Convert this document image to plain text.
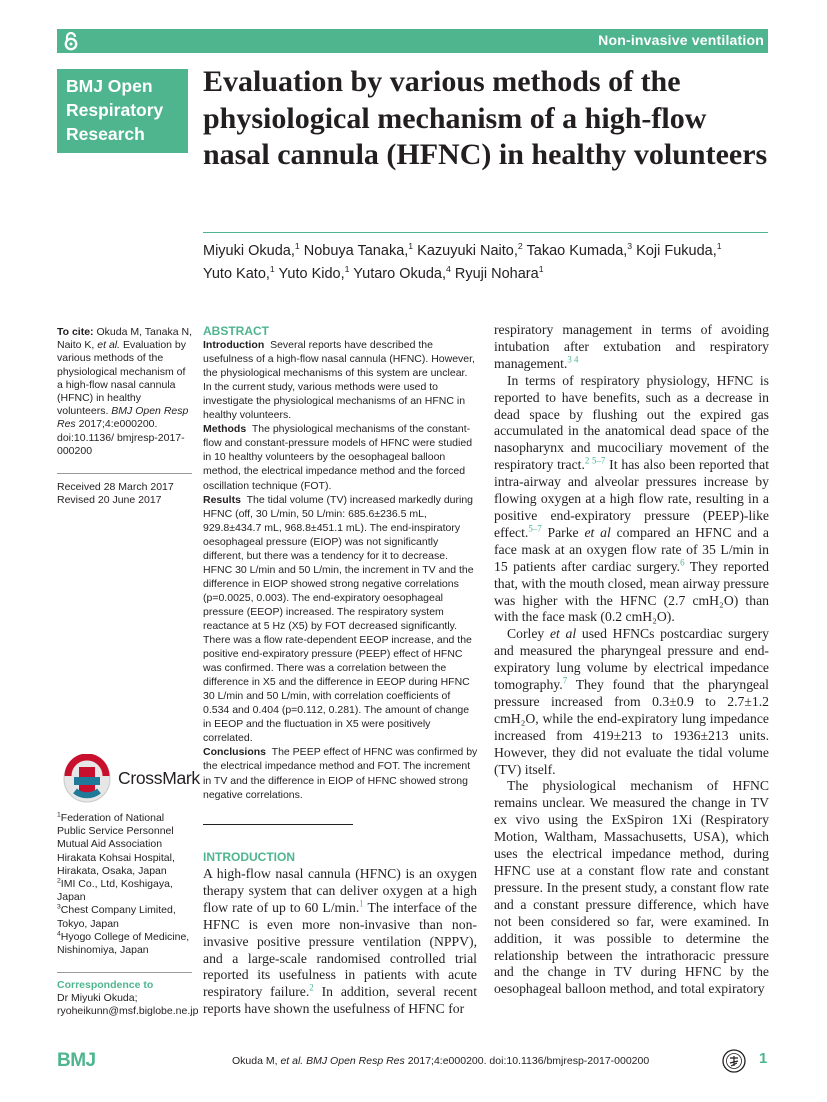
Non-invasive ventilation
BMJ Open
Respiratory
Research
Evaluation by various methods of the physiological mechanism of a high-flow nasal cannula (HFNC) in healthy volunteers
Miyuki Okuda,$^1$ Nobuya Tanaka,$^1$ Kazuyuki Naito,$^2$ Takao Kumada,$^3$ Koji Fukuda,$^1$
Yuto Kato,$^1$ Yuto Kido,$^1$ Yutaro Okuda,$^4$ Ryuji Nohara$^1$
To cite: Okuda M, Tanaka N, Naito K, et al. Evaluation by various methods of the physiological mechanism of a high-flow nasal cannula (HFNC) in healthy volunteers. BMJ Open Resp Res 2017;4:e000200. doi:10.1136/ bmjresp-2017-000200
Received 28 March 2017
Revised 20 June 2017
CrossMark
$^1$Federation of National Public Service Personnel Mutual Aid Association Hirakata Kohsai Hospital, Hirakata, Osaka, Japan
$^2$IMI Co., Ltd, Koshigaya, Japan
$^3$Chest Company Limited, Tokyo, Japan
$^4$Hyogo College of Medicine, Nishinomiya, Japan
Correspondence to
Dr Miyuki Okuda;
ryoheikunn@msf.biglobe.ne.jp
ABSTRACT

Introduction Several reports have described the usefulness of a high-flow nasal cannula (HFNC). However, the physiological mechanisms of this system are unclear. In the current study, various methods were used to investigate the physiological mechanisms of an HFNC in healthy volunteers.

Methods The physiological mechanisms of the constant-flow and constant-pressure models of HFNC were studied in 10 healthy volunteers by the oesophageal balloon method, the electrical impedance method and the forced oscillation technique (FOT).

Results The tidal volume (TV) increased markedly during HFNC (off, 30 L/min, 50 L/min: 685.6±236.5 mL, 929.8±434.7 mL, 968.8±451.1 mL). The end-inspiratory oesophageal pressure (EIOP) was not significantly different, but there was a tendency for it to decrease. HFNC 30 L/min and 50 L/min, the increment in TV and the difference in EIOP showed strong negative correlations (p=0.0025, 0.003). The end-expiratory oesophageal pressure (EEOP) increased. The respiratory system reactance at 5 Hz (X5) by FOT decreased significantly. There was a flow rate-dependent EEOP increase, and the positive end-expiratory pressure (PEEP) effect of HFNC was confirmed. There was a correlation between the difference in X5 and the difference in EEOP during HFNC 30 L/min and 50 L/min, with correlation coefficients of 0.534 and 0.404 (p=0.112, 0.281). The amount of change in EEOP and the fluctuation in X5 were positively correlated.

Conclusions The PEEP effect of HFNC was confirmed by the electrical impedance method and FOT. The increment in TV and the difference in EIOP of HFNC showed strong negative correlations.

INTRODUCTION

A high-flow nasal cannula (HFNC) is an oxygen therapy system that can deliver oxygen at a high flow rate of up to 60 L/min.$^1$ The interface of the HFNC is even more non-invasive than non-invasive positive pressure ventilation (NPPV), and a large-scale randomised controlled trial reported its usefulness in patients with acute respiratory failure.$^2$ In addition, several recent reports have shown the usefulness of HFNC for

respiratory management in terms of avoiding intubation after extubation and respiratory management.$^{3 4}$

In terms of respiratory physiology, HFNC is reported to have benefits, such as a decrease in dead space by flushing out the expired gas accumulated in the anatomical dead space of the nasopharynx and mucociliary movement of the respiratory tract.$^{2 5-7}$ It has also been reported that intra-airway and alveolar pressures increase by flowing oxygen at a high flow rate, resulting in a positive end-expiratory pressure (PEEP)-like effect.$^{5-7}$ Parke et al compared an HFNC and a face mask at an oxygen flow rate of 35 L/min in 15 patients after cardiac surgery.$^6$ They reported that, with the mouth closed, mean airway pressure was higher with the HFNC (2.7 cmH₂O) than with the face mask (0.2 cmH₂O).

Corley et al used HFNCs postcardiac surgery and measured the pharyngeal pressure and end-expiratory lung volume by electrical impedance tomography.$^7$ They found that the pharyngeal pressure increased from 0.3±0.9 to 2.7±1.2 cmH₂O, while the end-expiratory lung impedance increased from 419±213 to 1936±213 units. However, they did not evaluate the tidal volume (TV) itself.

The physiological mechanism of HFNC remains unclear. We measured the change in TV ex vivo using the ExSpiron 1Xi (Respiratory Motion, Waltham, Massachusetts, USA), which uses the electrical impedance method, during HFNC use at a constant flow rate and constant pressure. In the present study, a constant flow rate and a constant pressure difference, which have not been considered so far, were examined. In addition, it was possible to determine the relationship between the intrathoracic pressure and the change in TV during HFNC by the oesophageal balloon method, and total expiratory

BMJ	Okuda M, et al. BMJ Open Resp Res 2017;4:e000200. doi:10.1136/bmjresp-2017-000200	1
